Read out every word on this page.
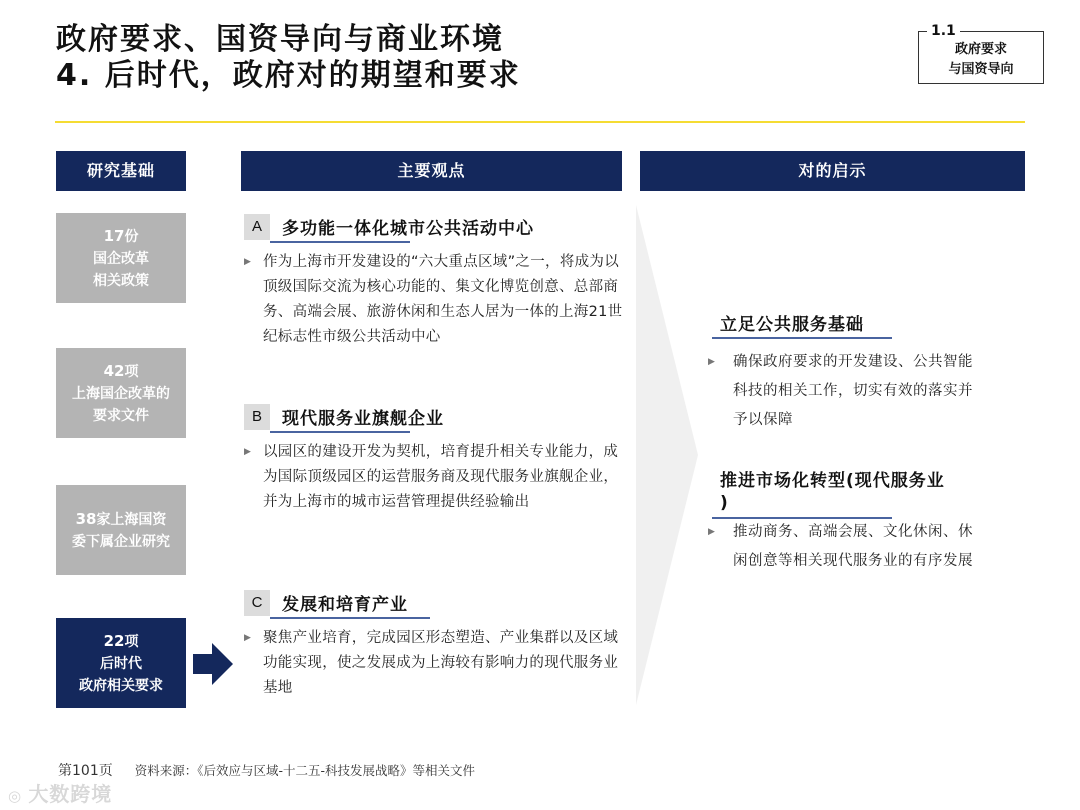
政府要求、国资导向与商业环境
4. 后时代，政府对的期望和要求
1.1
政府要求
与国资导向
研究基础	主要观点	对的启示
17份
国企改革
相关政策
42项
上海国企改革的
要求文件
38家上海国资
委下属企业研究
22项
后时代
政府相关要求
A	多功能一体化城市公共活动中心
▶ 作为上海市开发建设的“六大重点区域”之一，将成为以顶级国际交流为核心功能的、集文化博览创意、总部商务、高端会展、旅游休闲和生态人居为一体的上海21世纪标志性市级公共活动中心
B	现代服务业旗舰企业
▶ 以园区的建设开发为契机，培育提升相关专业能力，成为国际顶级园区的运营服务商及现代服务业旗舰企业，并为上海市的城市运营管理提供经验输出
C	发展和培育产业
▶ 聚焦产业培育，完成园区形态塑造、产业集群以及区域功能实现，使之发展成为上海较有影响力的现代服务业基地
立足公共服务基础
▶	确保政府要求的开发建设、公共智能科技的相关工作，切实有效的落实并予以保障
推进市场化转型(现代服务业
)
▶	推动商务、高端会展、文化休闲、休闲创意等相关现代服务业的有序发展
第101页 资料来源：《后效应与区域-十二五-科技发展战略》等相关文件
◎ 大数跨境
